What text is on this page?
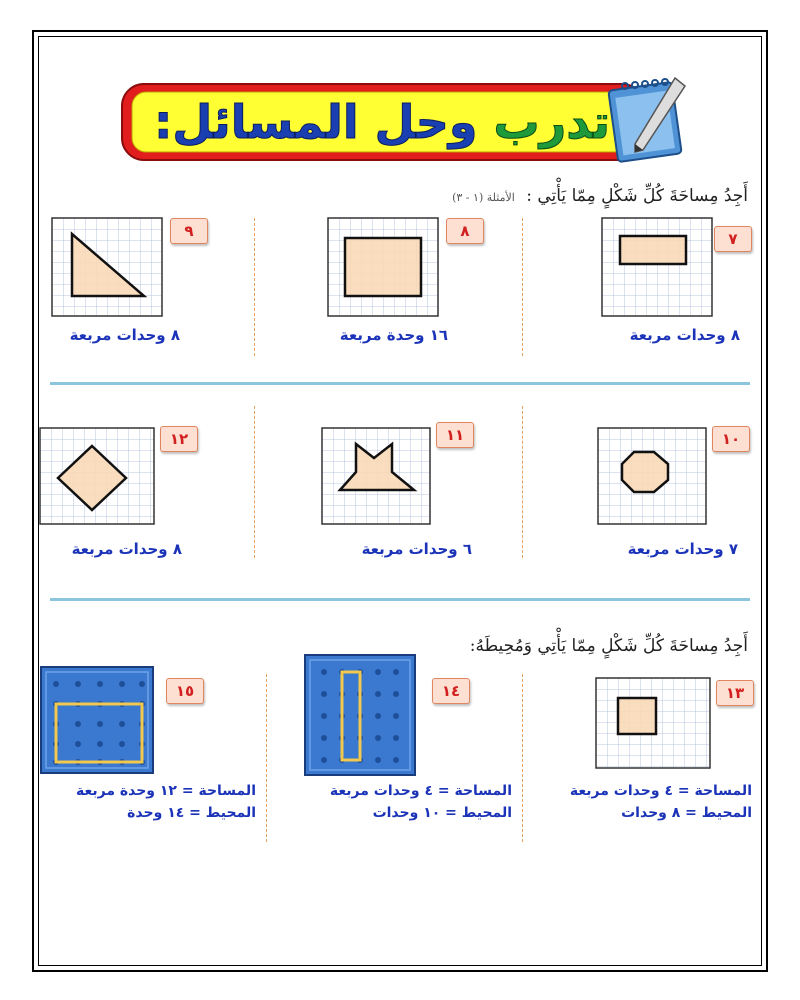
تدرب
وحل المسائل:
أَجِدُ مِساحَةَ كُلِّ شَكْلٍ مِمّا يَأْتِي : الأمثلة (١ - ٣)
٧
٨
٩
١٠
١١
١٢
١٣
١٤
١٥
٨ وحدات مربعة
١٦ وحدة مربعة
٨ وحدات مربعة
٧ وحدات مربعة
٦ وحدات مربعة
٨ وحدات مربعة
أَجِدُ مِساحَةَ كُلِّ شَكْلٍ مِمّا يَأْتِي وَمُحِيطَهُ:
المساحة = ٤ وحدات مربعة
المحيط = ٨ وحدات
المساحة = ٤ وحدات مربعة
المحيط = ١٠ وحدات
المساحة = ١٢ وحدة مربعة
المحيط = ١٤ وحدة
